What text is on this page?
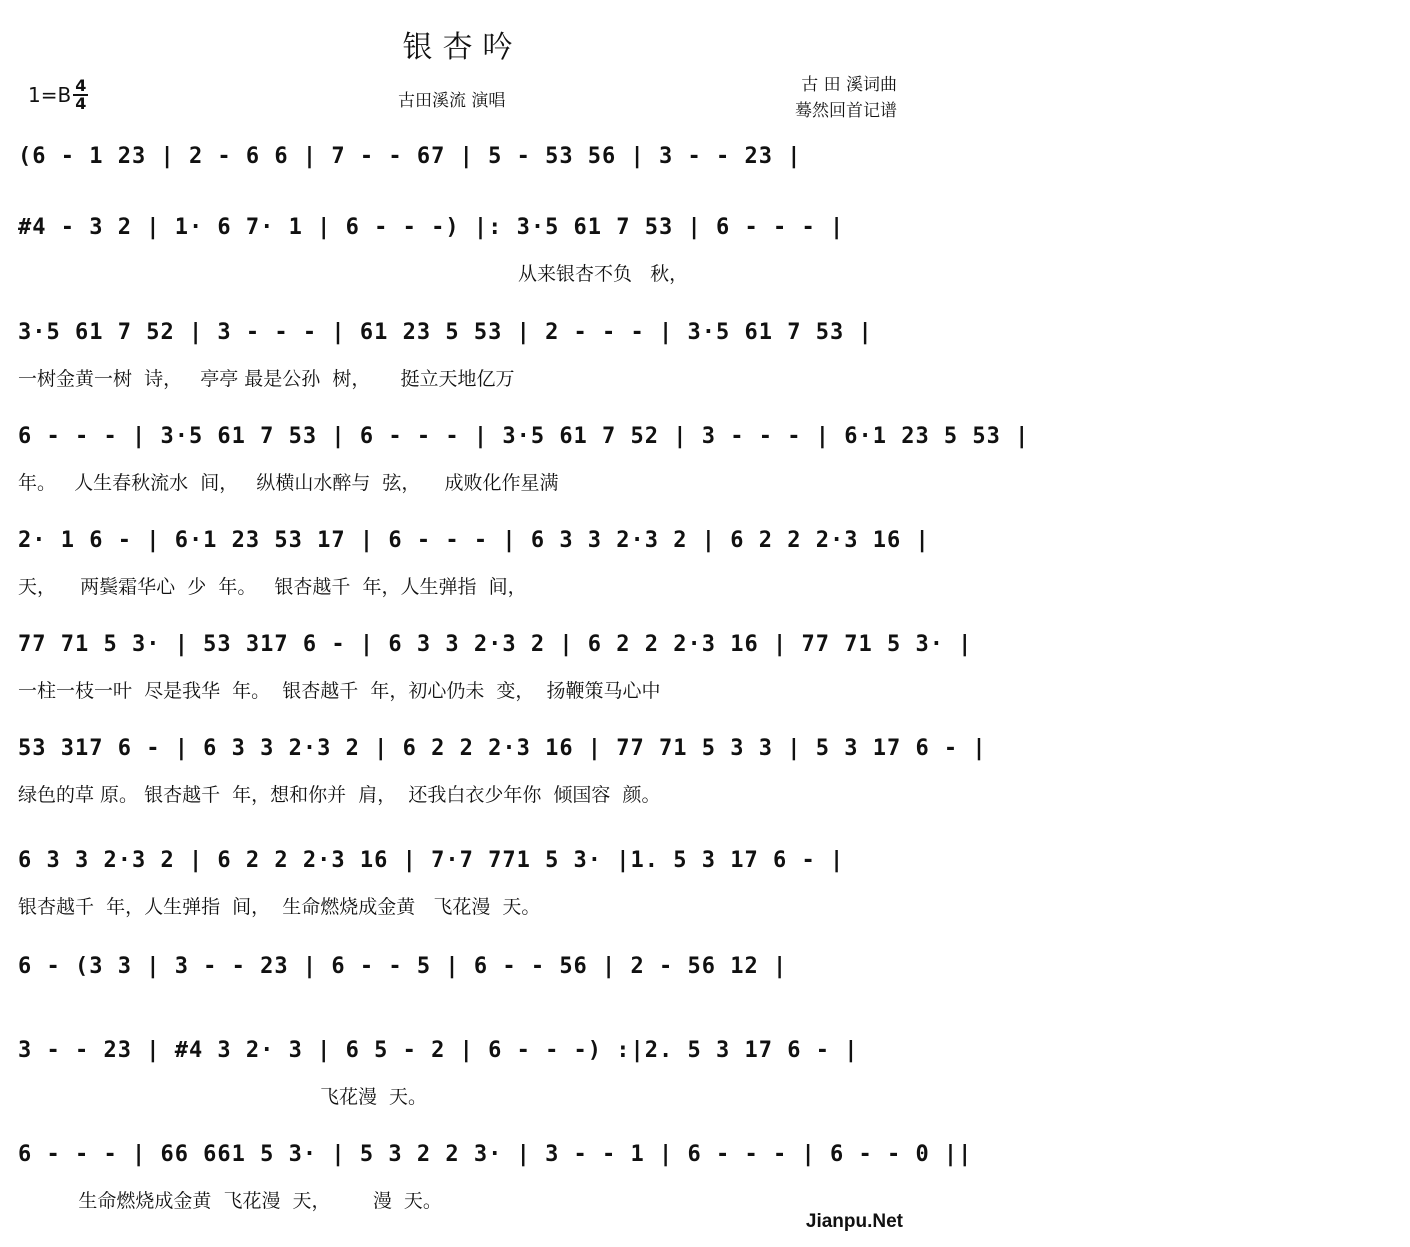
银杏吟
$1=B \frac{4}{4}$	古田溪流 演唱
古 田 溪词曲
蓦然回首记谱
(6 - 1 23 | 2 - 6 6 | 7 - - 67 | 5 - 53 56 | 3 - - 23 |
#4 - 3 2 | 1· 6 7· 1 | 6 - - -) |: 3·5 61 7 53 | 6 - - - |
从来银杏不负   秋，
3·5 61 7 52 | 3 - - - | 61 23 5 53 | 2 - - - | 3·5 61 7 53 |
一树金黄一树  诗，   亭亭 最是公孙  树，     挺立天地亿万
6 - - - | 3·5 61 7 53 | 6 - - - | 3·5 61 7 52 | 3 - - - | 6·1 23 5 53 |
年。   人生春秋流水  间，   纵横山水醉与  弦，    成败化作星满
2· 1 6 - | 6·1 23 53 17 | 6 - - - | 6 3 3 2·3 2 | 6 2 2 2·3 16 |
天，    两鬓霜华心  少  年。   银杏越千  年，人生弹指  间，
77 71 5 3· | 53 317 6 - | 6 3 3 2·3 2 | 6 2 2 2·3 16 | 77 71 5 3· |
一柱一枝一叶  尽是我华  年。  银杏越千  年，初心仍未  变，  扬鞭策马心中
53 317 6 - | 6 3 3 2·3 2 | 6 2 2 2·3 16 | 77 71 5 3 3 | 5 3 17 6 - |
绿色的草 原。 银杏越千  年，想和你并  肩，  还我白衣少年你  倾国容  颜。
6 3 3 2·3 2 | 6 2 2 2·3 16 | 7·7 771 5 3· |1. 5 3 17 6 - |
银杏越千  年，人生弹指  间，  生命燃烧成金黄   飞花漫  天。
6 - (3 3 | 3 - - 23 | 6 - - 5 | 6 - - 56 | 2 - 56 12 |
3 - - 23 | #4 3 2· 3 | 6 5 - 2 | 6 - - -) :|2. 5 3 17 6 - |
飞花漫  天。
6 - - - | 66 661 5 3· | 5 3 2 2 3· | 3 - - 1 | 6 - - - | 6 - - 0 ||
生命燃烧成金黄  飞花漫  天，       漫  天。
Jianpu.Net
